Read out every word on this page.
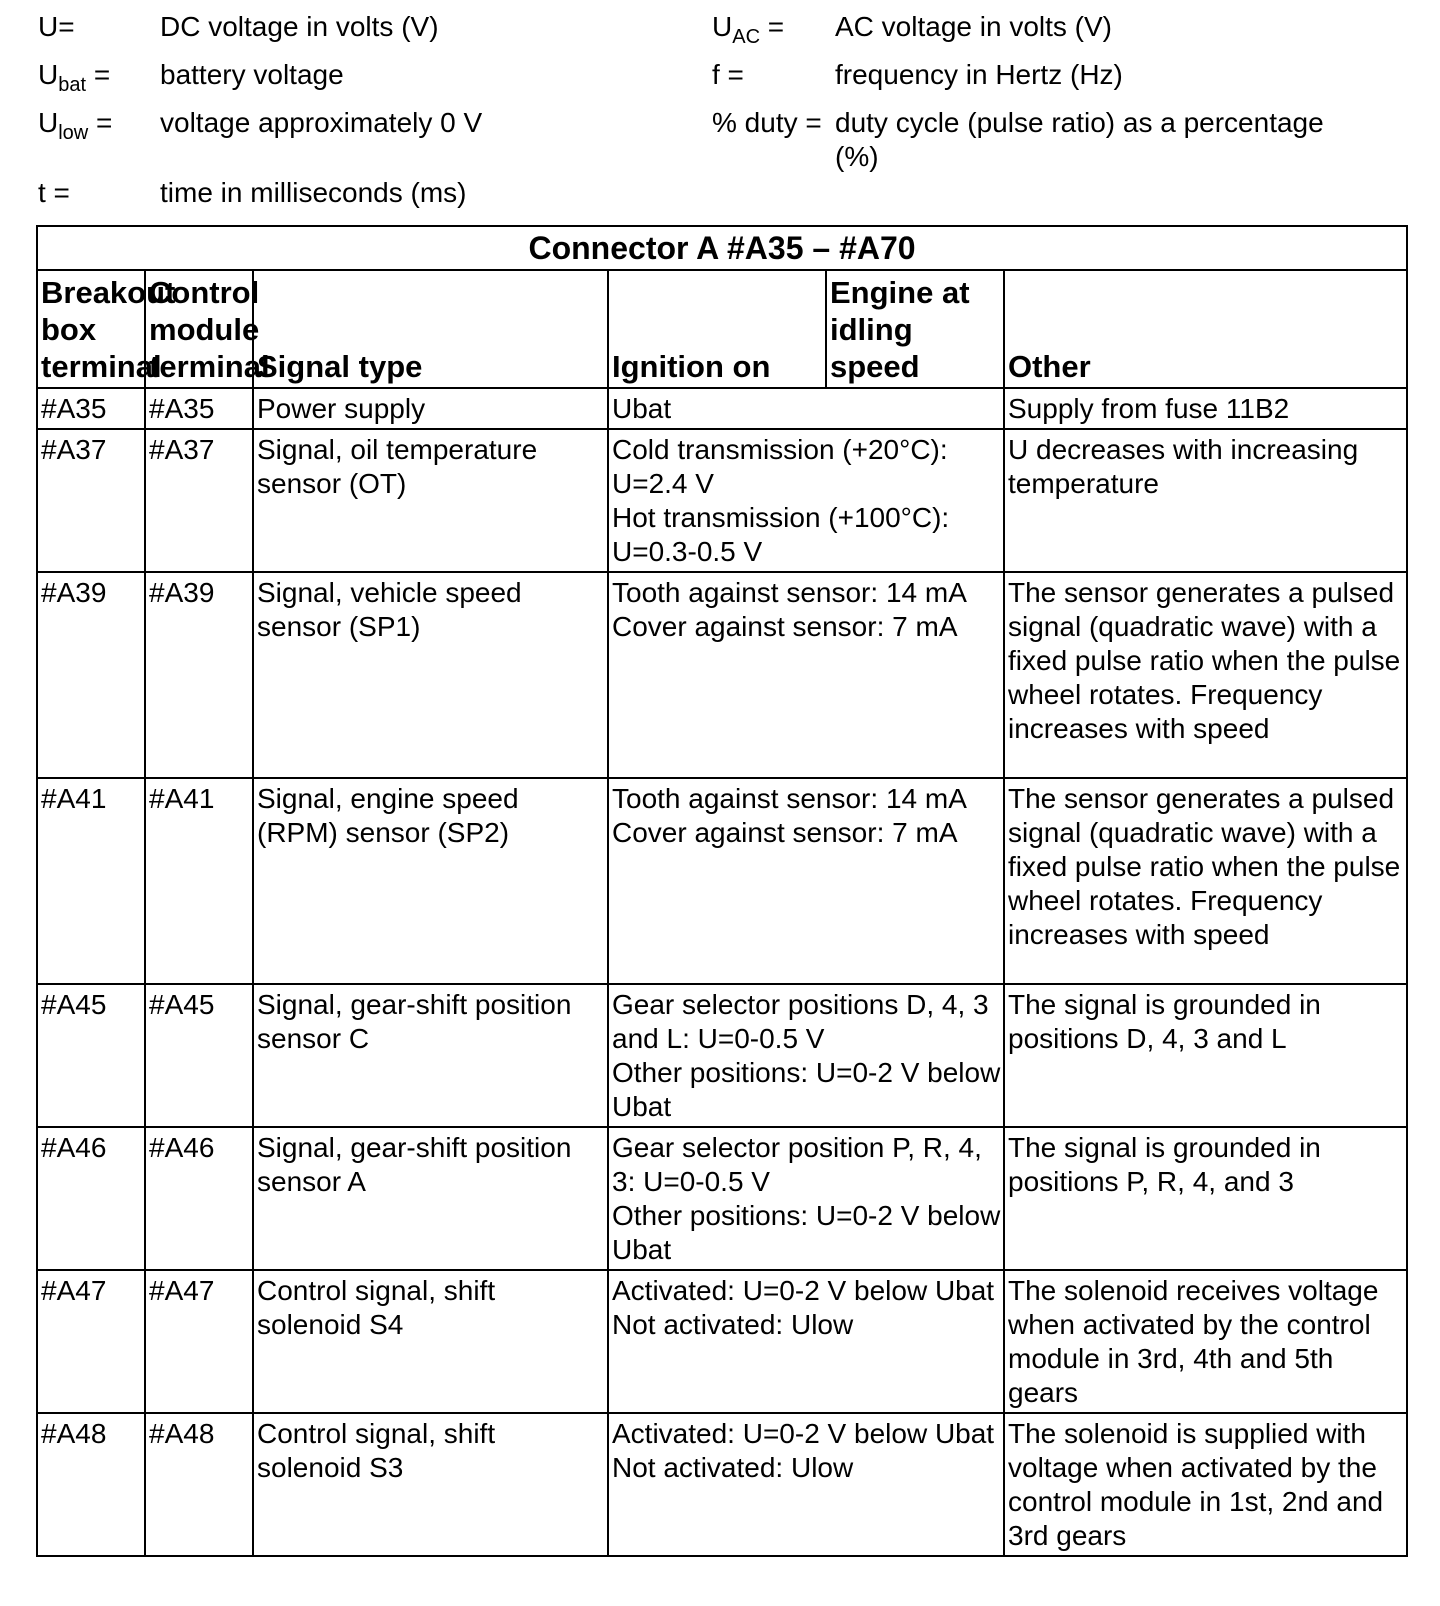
U=	DC voltage in volts (V)
$U_{bat}$ = battery voltage
$U_{low}$ = voltage approximately 0 V
t =	time in milliseconds (ms)
$U_{AC}$ = AC voltage in volts (V)
f =	frequency in Hertz (Hz)
% duty = duty cycle (pulse ratio) as a percentage (%)
Connector A #A35 – #A70					

Breakout
box
terminal	Control
module
terminal	Signal type	Ignition on	Engine at
idling
speed	Other
#A35	#A35	Power supply	Ubat		Supply from fuse 11B2
#A37	#A37	Signal, oil temperature sensor (OT)	Cold transmission (+20°C): U=2.4 V
Hot transmission (+100°C): U=0.3-0.5 V		U decreases with increasing temperature
#A39	#A39	Signal, vehicle speed sensor (SP1)	Tooth against sensor: 14 mA
Cover against sensor: 7 mA		The sensor generates a pulsed signal (quadratic wave) with a fixed pulse ratio when the pulse wheel rotates. Frequency increases with speed
#A41	#A41	Signal, engine speed (RPM) sensor (SP2)	Tooth against sensor: 14 mA
Cover against sensor: 7 mA		The sensor generates a pulsed signal (quadratic wave) with a fixed pulse ratio when the pulse wheel rotates. Frequency increases with speed
#A45	#A45	Signal, gear-shift position sensor C	Gear selector positions D, 4, 3 and L: U=0-0.5 V
Other positions: U=0-2 V below Ubat		The signal is grounded in positions D, 4, 3 and L
#A46	#A46	Signal, gear-shift position sensor A	Gear selector position P, R, 4, 3: U=0-0.5 V
Other positions: U=0-2 V below Ubat		The signal is grounded in positions P, R, 4, and 3
#A47	#A47	Control signal, shift solenoid S4	Activated: U=0-2 V below Ubat
Not activated: Ulow		The solenoid receives voltage when activated by the control module in 3rd, 4th and 5th gears
#A48	#A48	Control signal, shift solenoid S3	Activated: U=0-2 V below Ubat
Not activated: Ulow		The solenoid is supplied with voltage when activated by the control module in 1st, 2nd and 3rd gears
